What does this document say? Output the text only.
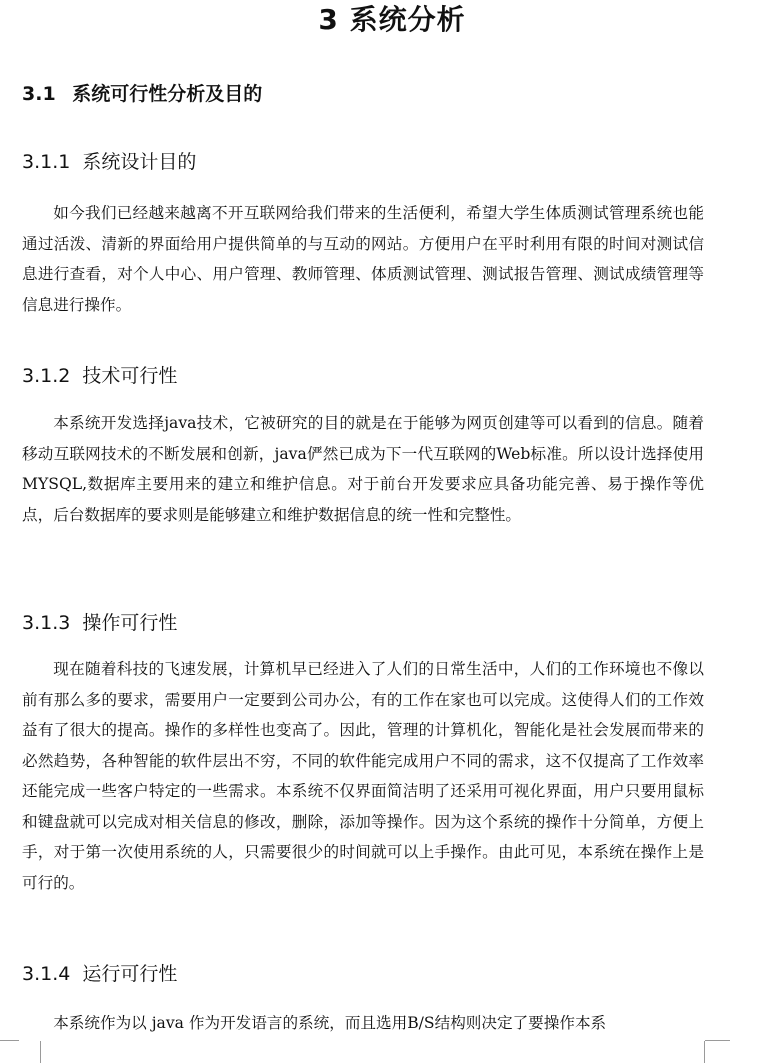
3 系统分析
3.1 系统可行性分析及目的
3.1.1 系统设计目的
如今我们已经越来越离不开互联网给我们带来的生活便利，希望大学生体质测试管理系统也能通过活泼、清新的界面给用户提供简单的与互动的网站。方便用户在平时利用有限的时间对测试信息进行查看，对个人中心、用户管理、教师管理、体质测试管理、测试报告管理、测试成绩管理等信息进行操作。
3.1.2 技术可行性
本系统开发选择java技术，它被研究的目的就是在于能够为网页创建等可以看到的信息。随着移动互联网技术的不断发展和创新，java俨然已成为下一代互联网的Web标准。所以设计选择使用MYSQL,数据库主要用来的建立和维护信息。对于前台开发要求应具备功能完善、易于操作等优点，后台数据库的要求则是能够建立和维护数据信息的统一性和完整性。
3.1.3 操作可行性
现在随着科技的飞速发展，计算机早已经进入了人们的日常生活中，人们的工作环境也不像以前有那么多的要求，需要用户一定要到公司办公，有的工作在家也可以完成。这使得人们的工作效益有了很大的提高。操作的多样性也变高了。因此，管理的计算机化，智能化是社会发展而带来的必然趋势，各种智能的软件层出不穷，不同的软件能完成用户不同的需求，这不仅提高了工作效率还能完成一些客户特定的一些需求。本系统不仅界面简洁明了还采用可视化界面，用户只要用鼠标和键盘就可以完成对相关信息的修改，删除，添加等操作。因为这个系统的操作十分简单，方便上手，对于第一次使用系统的人，只需要很少的时间就可以上手操作。由此可见，本系统在操作上是可行的。
3.1.4 运行可行性
本系统作为以 java 作为开发语言的系统，而且选用B/S结构则决定了要操作本系
